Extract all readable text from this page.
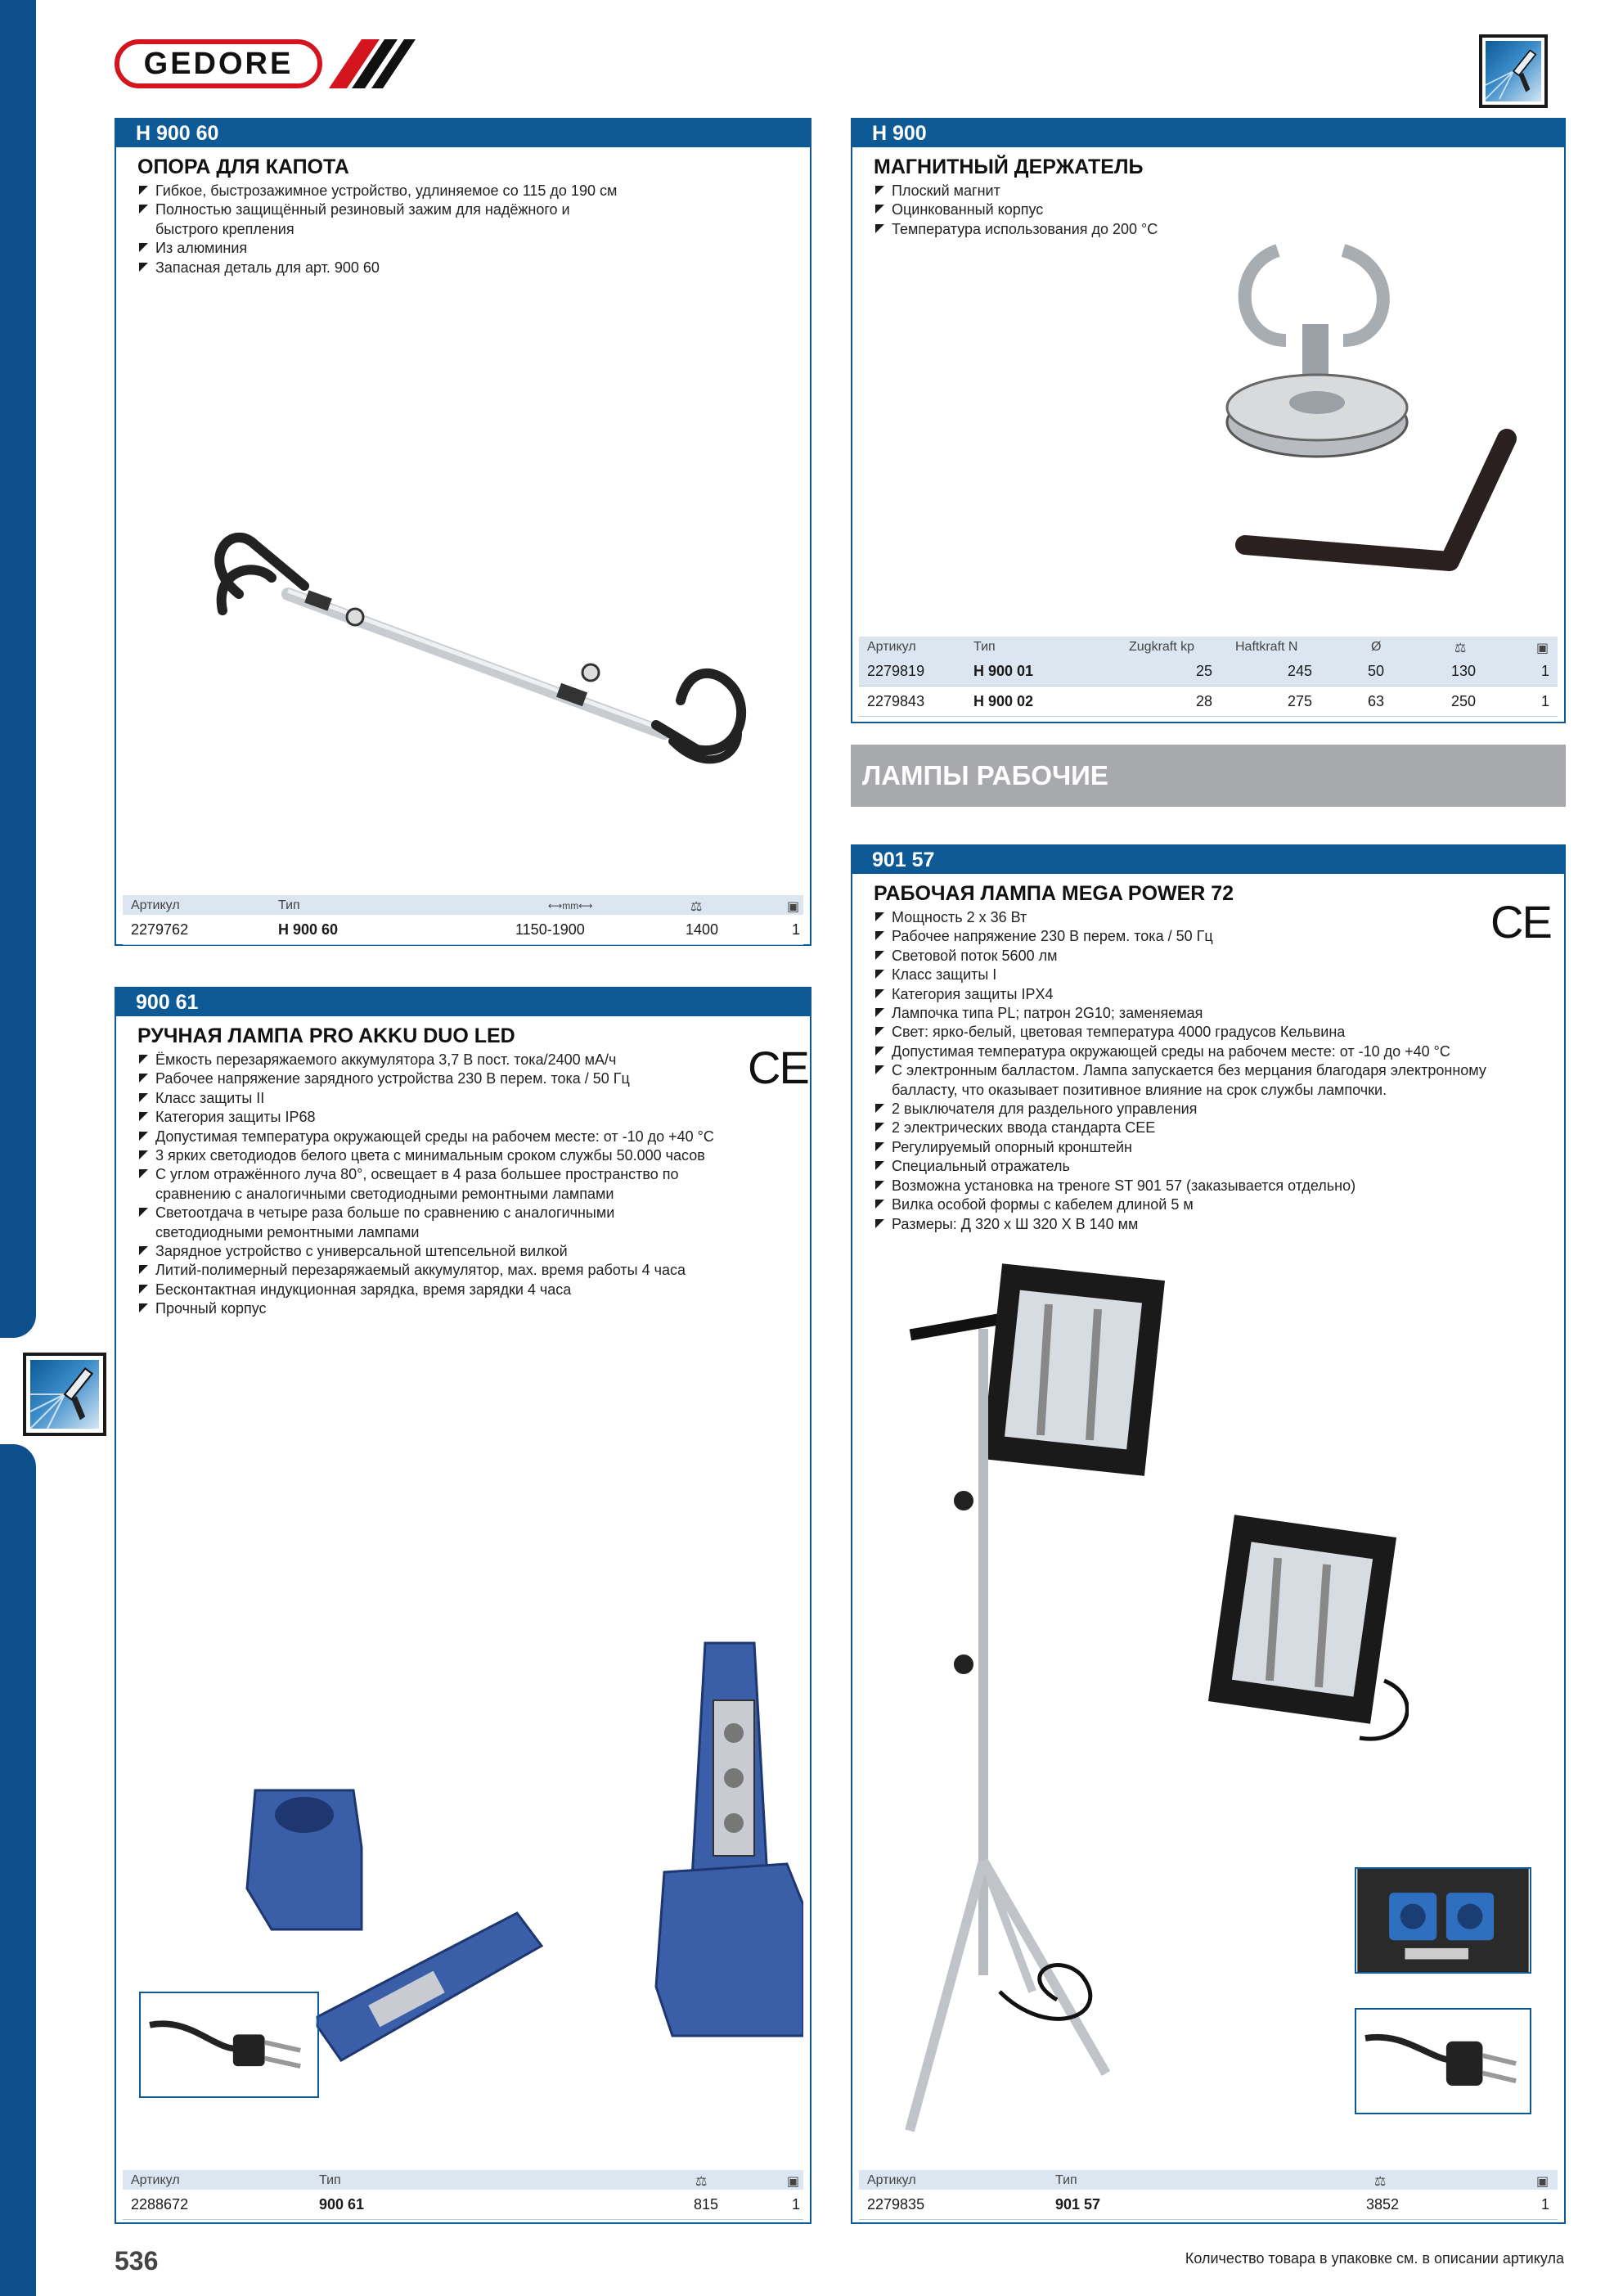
GEDORE
H 900 60
ОПОРА ДЛЯ КАПОТА
Гибкое, быстрозажимное устройство, удлиняемое со 115 до 190 см
Полностью защищённый резиновый зажим для надёжного и
быстрого крепления
Из алюминия
Запасная деталь для арт. 900 60
Артикул	Тип	⟷mm⟷	⚖	▣
2279762	H 900 60	1150-1900	1400	1
H 900
МАГНИТНЫЙ ДЕРЖАТЕЛЬ
Плоский магнит
Оцинкованный корпус
Температура использования до 200 °C
Артикул	Тип	Zugkraft kp	Haftkraft N	Ø	⚖	▣
2279819	H 900 01	25	245	50	130	1
2279843	H 900 02	28	275	63	250	1
ЛАМПЫ РАБОЧИЕ
900 61
РУЧНАЯ ЛАМПА PRO AKKU DUO LED
CE
Ёмкость перезаряжаемого аккумулятора 3,7 В пост. тока/2400 мА/ч
Рабочее напряжение зарядного устройства 230 В перем. тока / 50 Гц
Класс защиты II
Категория защиты IP68
Допустимая температура окружающей среды на рабочем месте: от -10 до +40 °C
3 ярких светодиодов белого цвета с минимальным сроком службы 50.000 часов
С углом отражённого луча 80°, освещает в 4 раза большее пространство по
сравнению с аналогичными светодиодными ремонтными лампами
Светоотдача в четыре раза больше по сравнению с аналогичными
светодиодными ремонтными лампами
Зарядное устройство с универсальной штепсельной вилкой
Литий-полимерный перезаряжаемый аккумулятор, мах. время работы 4 часа
Бесконтактная индукционная зарядка, время зарядки 4 часа
Прочный корпус
Артикул	Тип	⚖	▣
2288672	900 61	815	1
901 57
РАБОЧАЯ ЛАМПА MEGA POWER 72
CE
Мощность 2 х 36 Вт
Рабочее напряжение 230 В перем. тока / 50 Гц
Световой поток 5600 лм
Класс защиты I
Категория защиты IPX4
Лампочка типа PL; патрон 2G10; заменяемая
Свет: ярко-белый, цветовая температура 4000 градусов Кельвина
Допустимая температура окружающей среды на рабочем месте: от -10 до +40 °C
С электронным балластом. Лампа запускается без мерцания благодаря электронному
балласту, что оказывает позитивное влияние на срок службы лампочки.
2 выключателя для раздельного управления
2 электрических ввода стандарта CEE
Регулируемый опорный кронштейн
Специальный отражатель
Возможна установка на треноге ST 901 57 (заказывается отдельно)
Вилка особой формы с кабелем длиной 5 м
Размеры: Д 320 х Ш 320 Х В 140 мм
Артикул	Тип	⚖	▣
2279835	901 57	3852	1
536	Количество товара в упаковке см. в описании артикула
